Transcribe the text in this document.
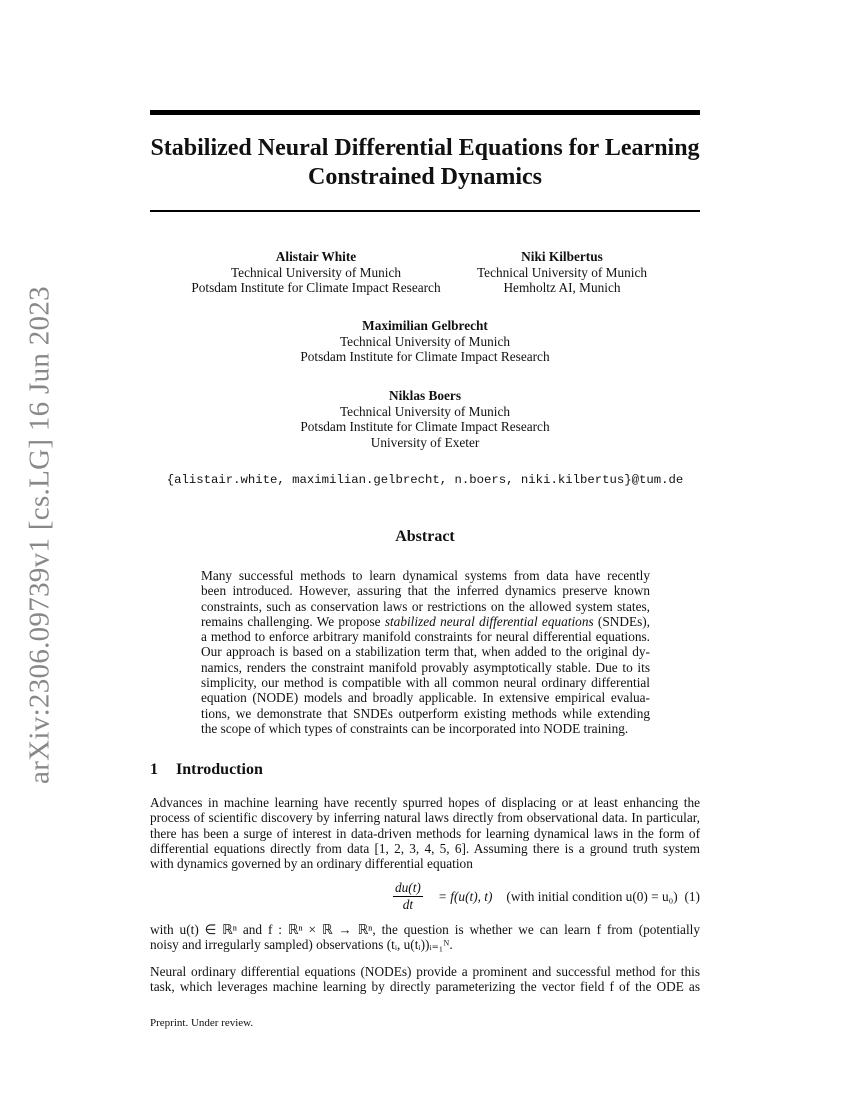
arXiv:2306.09739v1 [cs.LG] 16 Jun 2023
Stabilized Neural Differential Equations for Learning
Constrained Dynamics
Alistair White
Technical University of Munich
Potsdam Institute for Climate Impact Research
Niki Kilbertus
Technical University of Munich
Hemholtz AI, Munich
Maximilian Gelbrecht
Technical University of Munich
Potsdam Institute for Climate Impact Research
Niklas Boers
Technical University of Munich
Potsdam Institute for Climate Impact Research
University of Exeter
{alistair.white, maximilian.gelbrecht, n.boers, niki.kilbertus}@tum.de
Abstract
Many successful methods to learn dynamical systems from data have recently
been introduced. However, assuring that the inferred dynamics preserve known
constraints, such as conservation laws or restrictions on the allowed system states,
remains challenging. We propose stabilized neural differential equations (SNDEs),
a method to enforce arbitrary manifold constraints for neural differential equations.
Our approach is based on a stabilization term that, when added to the original dy-
namics, renders the constraint manifold provably asymptotically stable. Due to its
simplicity, our method is compatible with all common neural ordinary differential
equation (NODE) models and broadly applicable. In extensive empirical evalua-
tions, we demonstrate that SNDEs outperform existing methods while extending
the scope of which types of constraints can be incorporated into NODE training.
1 Introduction
Advances in machine learning have recently spurred hopes of displacing or at least enhancing the
process of scientific discovery by inferring natural laws directly from observational data. In particular,
there has been a surge of interest in data-driven methods for learning dynamical laws in the form of
differential equations directly from data [1, 2, 3, 4, 5, 6]. Assuming there is a ground truth system
with dynamics governed by an ordinary differential equation
$\frac{du(t)}{dt} = f(u(t)$, t) (with initial condition u(0) = u₀) (1)
with u(t) ∈ ℝⁿ and f : ℝⁿ × ℝ → ℝⁿ, the question is whether we can learn f from (potentially
noisy and irregularly sampled) observations (tᵢ, u(tᵢ))ᵢ₌₁ᴺ.
Neural ordinary differential equations (NODEs) provide a prominent and successful method for this
task, which leverages machine learning by directly parameterizing the vector field f of the ODE as
Preprint. Under review.
